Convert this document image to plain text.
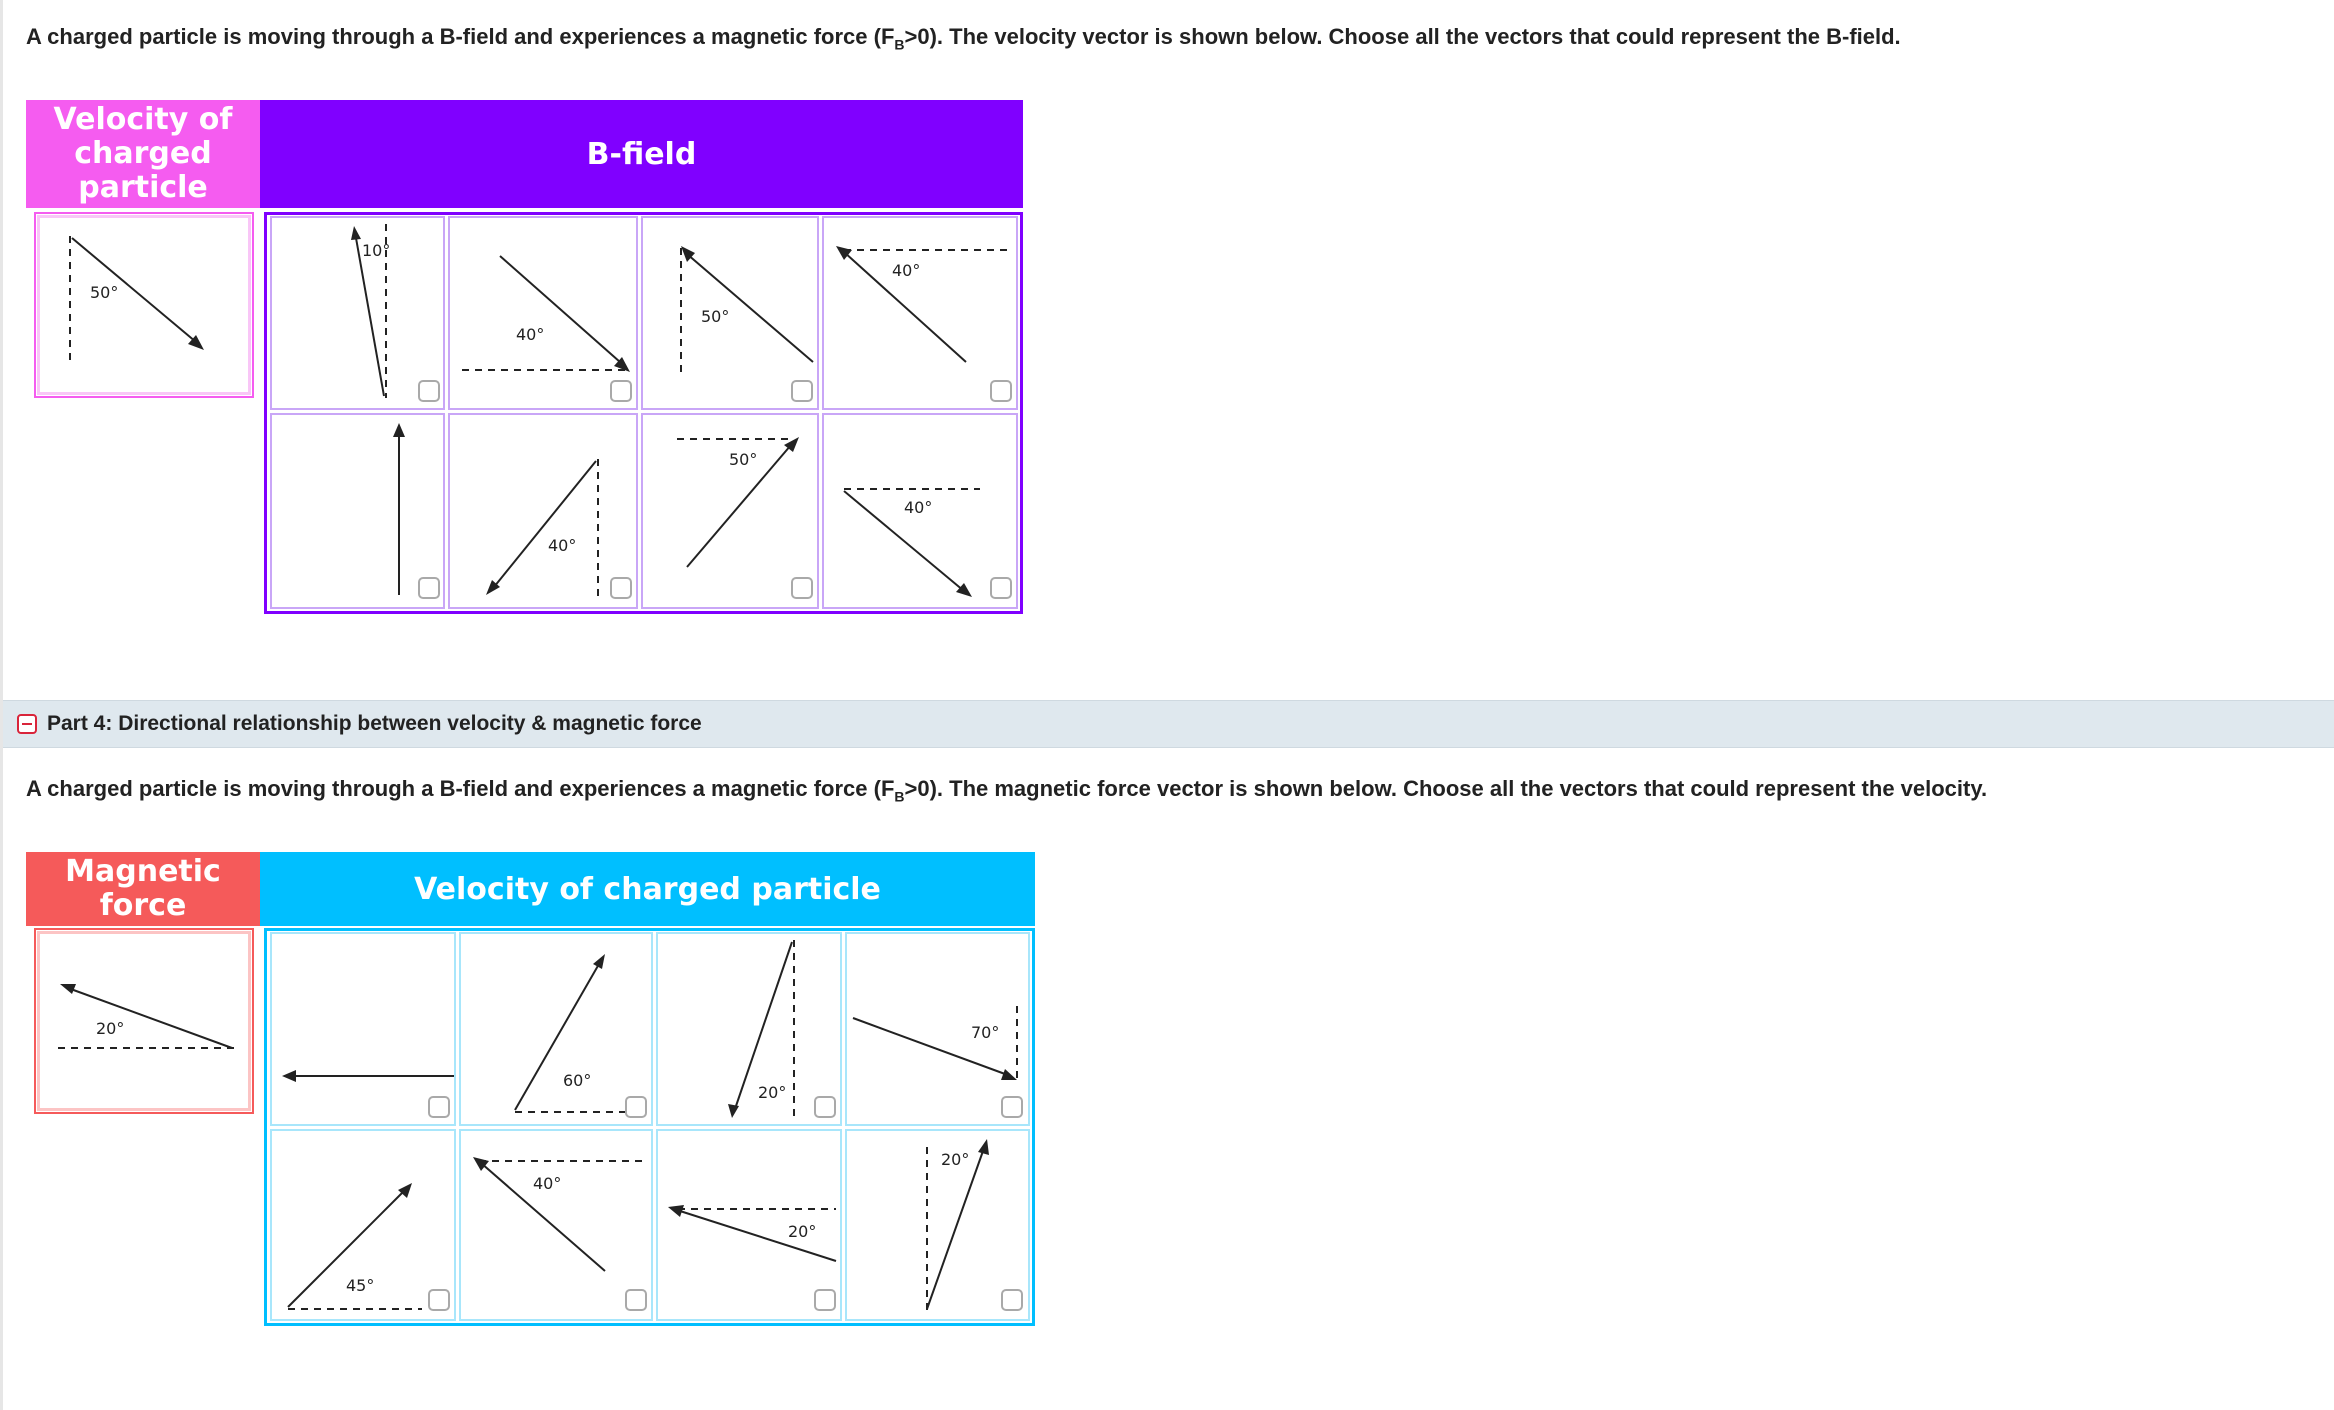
A charged particle is moving through a B-field and experiences a magnetic force $(F_B>0)$. The velocity vector is shown below. Choose all the vectors that could represent the B-field.
Velocity of charged particle
B-field
50°
10°
40°
50°
40°
40°
50°
40°
Part 4: Directional relationship between velocity & magnetic force
A charged particle is moving through a B-field and experiences a magnetic force $(F_B>0)$. The magnetic force vector is shown below. Choose all the vectors that could represent the velocity.
Magnetic force	Velocity of charged particle
20°
60°
20°
70°
45°
40°
20°
20°
